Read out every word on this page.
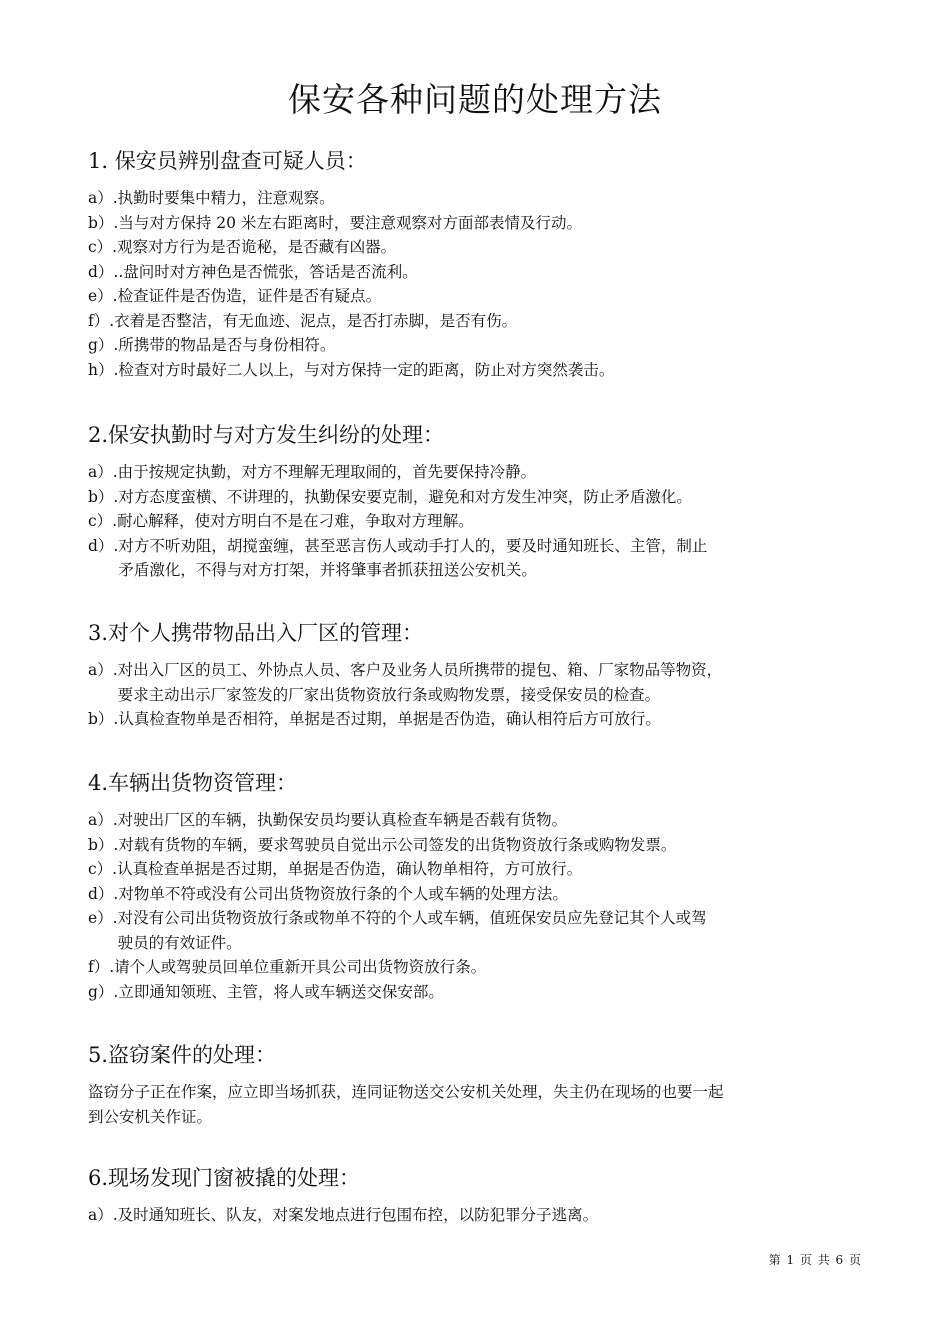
保安各种问题的处理方法
1. 保安员辨别盘查可疑人员：
a）. 执勤时要集中精力，注意观察。
b）. 当与对方保持 20 米左右距离时，要注意观察对方面部表情及行动。
c）. 观察对方行为是否诡秘，是否藏有凶器。
d）. .盘问时对方神色是否慌张，答话是否流利。
e）. 检查证件是否伪造，证件是否有疑点。
f）. 衣着是否整洁，有无血迹、泥点，是否打赤脚，是否有伤。
g）. 所携带的物品是否与身份相符。
h）. 检查对方时最好二人以上，与对方保持一定的距离，防止对方突然袭击。
2.保安执勤时与对方发生纠纷的处理：
a）. 由于按规定执勤，对方不理解无理取闹的，首先要保持冷静。
b）. 对方态度蛮横、不讲理的，执勤保安要克制，避免和对方发生冲突，防止矛盾激化。
c）. 耐心解释，使对方明白不是在刁难，争取对方理解。
d）. 对方不听劝阻，胡搅蛮缠，甚至恶言伤人或动手打人的，要及时通知班长、主管，制止
矛盾激化，不得与对方打架，并将肇事者抓获扭送公安机关。
3.对个人携带物品出入厂区的管理：
a）. 对出入厂区的员工、外协点人员、客户及业务人员所携带的提包、箱、厂家物品等物资，
要求主动出示厂家签发的厂家出货物资放行条或购物发票，接受保安员的检查。
b）. 认真检查物单是否相符，单据是否过期，单据是否伪造，确认相符后方可放行。
4.车辆出货物资管理：
a）. 对驶出厂区的车辆，执勤保安员均要认真检查车辆是否载有货物。
b）. 对载有货物的车辆，要求驾驶员自觉出示公司签发的出货物资放行条或购物发票。
c）. 认真检查单据是否过期，单据是否伪造，确认物单相符，方可放行。
d）. 对物单不符或没有公司出货物资放行条的个人或车辆的处理方法。
e）. 对没有公司出货物资放行条或物单不符的个人或车辆，值班保安员应先登记其个人或驾
驶员的有效证件。
f）. 请个人或驾驶员回单位重新开具公司出货物资放行条。
g）. 立即通知领班、主管，将人或车辆送交保安部。
5.盗窃案件的处理：
盗窃分子正在作案，应立即当场抓获，连同证物送交公安机关处理，失主仍在现场的也要一起
到公安机关作证。
6.现场发现门窗被撬的处理：
a）. 及时通知班长、队友，对案发地点进行包围布控，以防犯罪分子逃离。
第 1 页 共 6 页
